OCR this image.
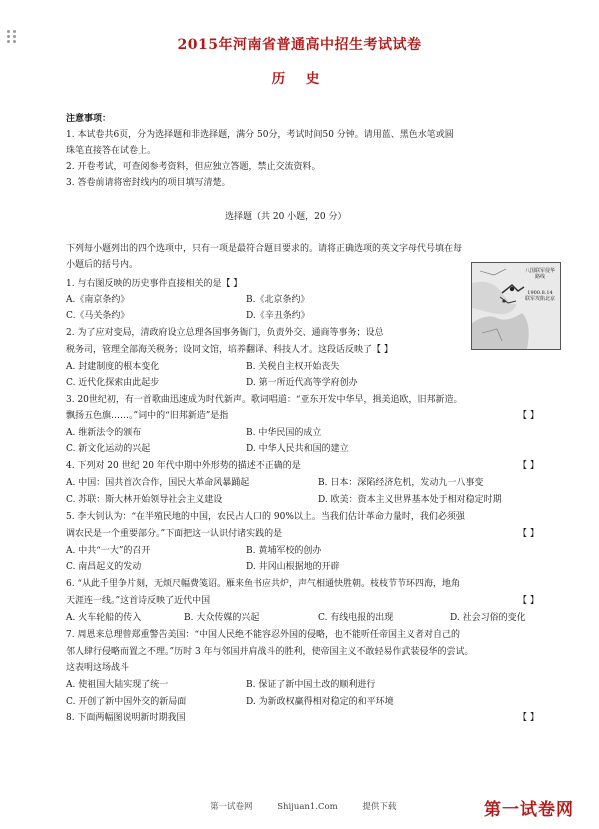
2015年河南省普通高中招生考试试卷
历 史
注意事项：
1. 本试卷共6页，分为选择题和非选择题，满分 50分，考试时间50 分钟。请用蓝、黑色水笔或圆
珠笔直接答在试卷上。
2. 开卷考试，可查阅参考资料，但应独立答题，禁止交流资料。
3. 答卷前请将密封线内的项目填写清楚。
选择题（共 20 小题，20 分）
下列每小题列出的四个选项中，只有一项是最符合题目要求的。请将正确选项的英文字母代号填在每
小题后的括号内。
八国联军侵华路线
1900.8.14 联军攻陷北京
1. 与右图反映的历史事件直接相关的是【 】
A.《南京条约》	B.《北京条约》
C.《马关条约》	D.《辛丑条约》
2. 为了应对变局，清政府设立总理各国事务衙门，负责外交、通商等事务；设总
税务司，管理全部海关税务；设同文馆，培养翻译、科技人才。这段话反映了【 】
A. 封建制度的根本变化	B. 关税自主权开始丧失
C. 近代化探索由此起步	D. 第一所近代高等学府创办
3. 20世纪初，有一首歌曲迅速成为时代新声。歌词唱道：“亚东开发中华早，揖美追欧，旧邦新造。
飘扬五色旗……。”词中的“旧邦新造”是指	【 】
A. 维新法令的颁布	B. 中华民国的成立
C. 新文化运动的兴起	D. 中华人民共和国的建立
4. 下列对 20 世纪 20 年代中期中外形势的描述不正确的是	【 】
A. 中国：国共首次合作，国民大革命风暴踊起	B. 日本：深陷经济危机，发动九一八事变
C. 苏联：斯大林开始领导社会主义建设	D. 欧美：资本主义世界基本处于相对稳定时期
5. 李大钊认为：“在半殖民地的中国，农民占人口的 90%以上。当我们估计革命力量时，我们必须强
调农民是一个重要部分。”下面把这一认识付诸实践的是	【 】
A. 中共“一大”的召开	B. 黄埔军校的创办
C. 南昌起义的发动	D. 井冈山根据地的开辟
6. “从此千里争片刻，无烦尺幅费笺诏。雁来鱼书应共炉，声气相通快胜朝。枝枝节节环四海，地角
天涯连一线。”这首诗反映了近代中国	【 】
A. 火车轮船的传入	B. 大众传媒的兴起	C. 有线电报的出现	D. 社会习俗的变化
7. 周恩来总理曾郑重警告美国：“中国人民绝不能容忍外国的侵略，也不能听任帝国主义者对自己的
邻人肆行侵略而置之不理。”历时 3 年与邻国并肩战斗的胜利，使帝国主义不敢轻易作武装侵华的尝试。
这表明这场战斗
A. 使祖国大陆实现了统一	B. 保证了新中国土改的顺利进行
C. 开创了新中国外交的新局面	D. 为新政权赢得相对稳定的和平环境
8. 下面两幅图说明新时期我国	【 】
第一试卷网	Shijuan1.Com	提供下载	第一试卷网
